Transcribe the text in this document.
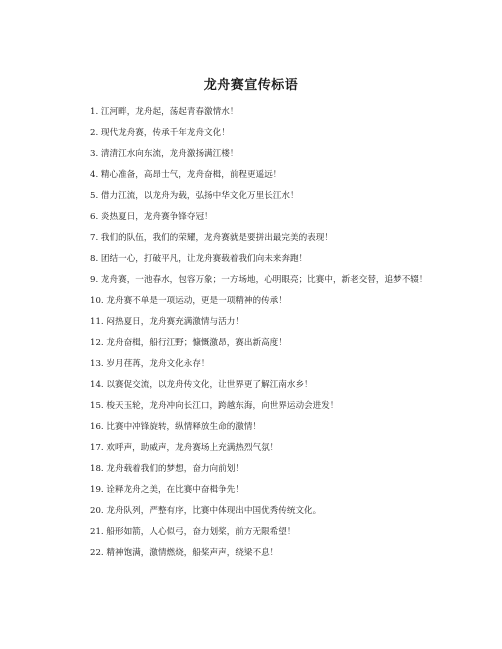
龙舟赛宣传标语
1. 江河畔，龙舟起，荡起青春激情水！
2. 现代龙舟赛，传承千年龙舟文化！
3. 清清江水向东流，龙舟激扬满江楼！
4. 精心准备，高昂士气，龙舟奋楫，前程更遥远！
5. 借力江流，以龙舟为载，弘扬中华文化万里长江水！
6. 炎热夏日，龙舟赛争锋夺冠！
7. 我们的队伍，我们的荣耀，龙舟赛就是要拼出最完美的表现！
8. 团结一心，打破平凡，让龙舟赛载着我们向未来奔跑！
9. 龙舟赛，一池春水，包容万象；一方场地，心明眼亮；比赛中，新老交替，追梦不辍！
10. 龙舟赛不单是一项运动，更是一项精神的传承！
11. 闷热夏日，龙舟赛充满激情与活力！
12. 龙舟奋楫，船行江野；慷慨激昂，赛出新高度！
13. 岁月荏苒，龙舟文化永存！
14. 以赛促交流，以龙舟传文化，让世界更了解江南水乡！
15. 梭天玉轮，龙舟冲向长江口，跨越东海，向世界运动会进发！
16. 比赛中冲锋旋转，纵情释放生命的激情！
17. 欢呼声，助威声，龙舟赛场上充满热烈气氛！
18. 龙舟载着我们的梦想，奋力向前划！
19. 诠释龙舟之美，在比赛中奋楫争先！
20. 龙舟队列，严整有序，比赛中体现出中国优秀传统文化。
21. 船形如箭，人心似弓，奋力划桨，前方无限希望！
22. 精神饱满，激情燃烧，船桨声声，绕梁不息！
